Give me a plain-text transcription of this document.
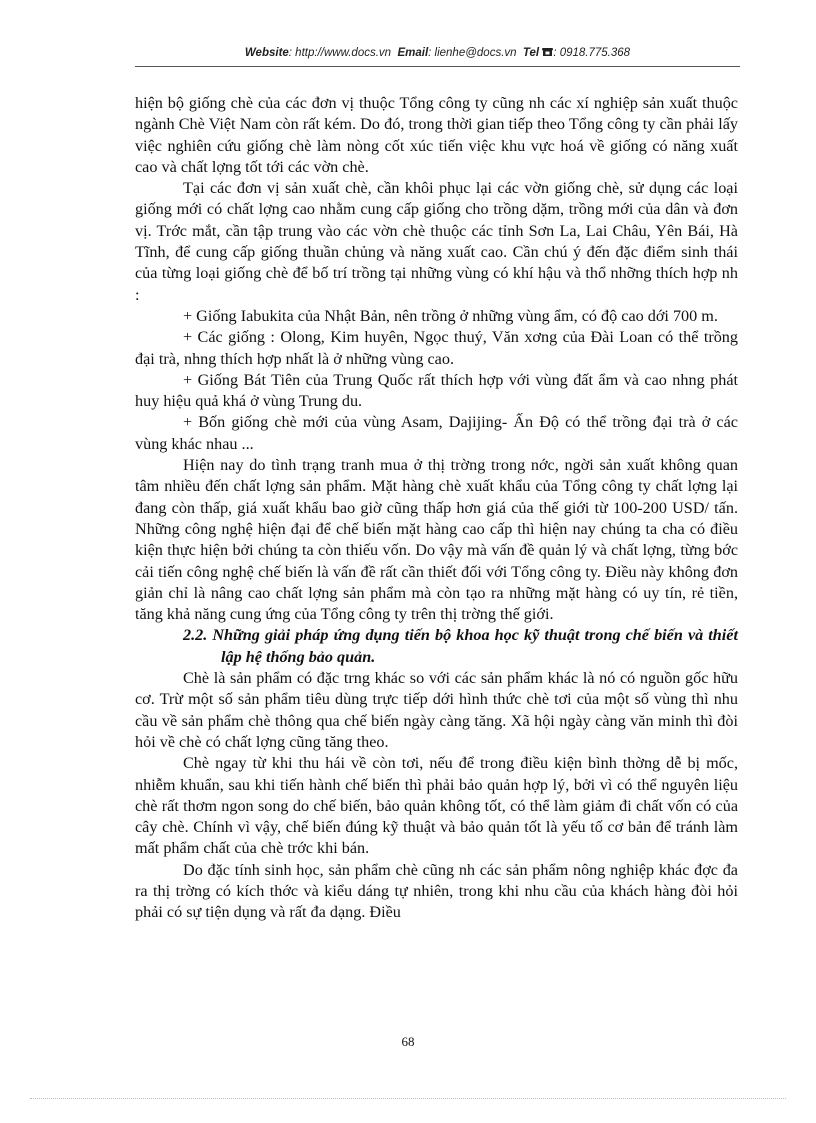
Website: http://www.docs.vn Email: lienhe@docs.vn Tel : 0918.775.368

hiện bộ giống chè của các đơn vị thuộc Tổng công ty cũng nh các xí nghiệp sản xuất thuộc ngành Chè Việt Nam còn rất kém. Do đó, trong thời gian tiếp theo Tổng công ty cần phải lấy việc nghiên cứu giống chè làm nòng cốt xúc tiến việc khu vực hoá về giống có năng xuất cao và chất lợng tốt tới các vờn chè.

Tại các đơn vị sản xuất chè, cần khôi phục lại các vờn giống chè, sử dụng các loại giống mới có chất lợng cao nhằm cung cấp giống cho trồng dặm, trồng mới của dân và đơn vị. Trớc mắt, cần tập trung vào các vờn chè thuộc các tỉnh Sơn La, Lai Châu, Yên Bái, Hà Tĩnh, để cung cấp giống thuần chủng và năng xuất cao. Cần chú ý đến đặc điểm sinh thái của từng loại giống chè để bố trí trồng tại những vùng có khí hậu và thổ nhỡng thích hợp nh :

+ Giống Iabukita của Nhật Bản, nên trồng ở những vùng ẩm, có độ cao dới 700 m.

+ Các giống : Olong, Kim huyên, Ngọc thuý, Văn xơng của Đài Loan có thể trồng đại trà, nhng thích hợp nhất là ở những vùng cao.

+ Giống Bát Tiên của Trung Quốc rất thích hợp với vùng đất ẩm và cao nhng phát huy hiệu quả khá ở vùng Trung du.

+ Bốn giống chè mới của vùng Asam, Dajijing- Ấn Độ có thể trồng đại trà ở các vùng khác nhau ...

Hiện nay do tình trạng tranh mua ở thị trờng trong nớc, ngời sản xuất không quan tâm nhiều đến chất lợng sản phẩm. Mặt hàng chè xuất khẩu của Tổng công ty chất lợng lại đang còn thấp, giá xuất khẩu bao giờ cũng thấp hơn giá của thế giới từ 100-200 USD/ tấn. Những công nghệ hiện đại để chế biến mặt hàng cao cấp thì hiện nay chúng ta cha có điều kiện thực hiện bởi chúng ta còn thiếu vốn. Do vậy mà vấn đề quản lý và chất lợng, từng bớc cải tiến công nghệ chế biến là vấn đề rất cần thiết đối với Tổng công ty. Điều này không đơn giản chỉ là nâng cao chất lợng sản phẩm mà còn tạo ra những mặt hàng có uy tín, rẻ tiền, tăng khả năng cung ứng của Tổng công ty trên thị trờng thế giới.

2.2. Những giải pháp ứng dụng tiến bộ khoa học kỹ thuật trong chế biến và thiết lập hệ thống bảo quản.

Chè là sản phẩm có đặc trng khác so với các sản phẩm khác là nó có nguồn gốc hữu cơ. Trừ một số sản phẩm tiêu dùng trực tiếp dới hình thức chè tơi của một số vùng thì nhu cầu về sản phẩm chè thông qua chế biến ngày càng tăng. Xã hội ngày càng văn minh thì đòi hỏi về chè có chất lợng cũng tăng theo.

Chè ngay từ khi thu hái về còn tơi, nếu để trong điều kiện bình thờng dễ bị mốc, nhiễm khuẩn, sau khi tiến hành chế biến thì phải bảo quản hợp lý, bởi vì có thể nguyên liệu chè rất thơm ngon song do chế biến, bảo quản không tốt, có thể làm giảm đi chất vốn có của cây chè. Chính vì vậy, chế biến đúng kỹ thuật và bảo quản tốt là yếu tố cơ bản để tránh làm mất phẩm chất của chè trớc khi bán.

Do đặc tính sinh học, sản phẩm chè cũng nh các sản phẩm nông nghiệp khác đợc đa ra thị trờng có kích thớc và kiểu dáng tự nhiên, trong khi nhu cầu của khách hàng đòi hỏi phải có sự tiện dụng và rất đa dạng. Điều

68
